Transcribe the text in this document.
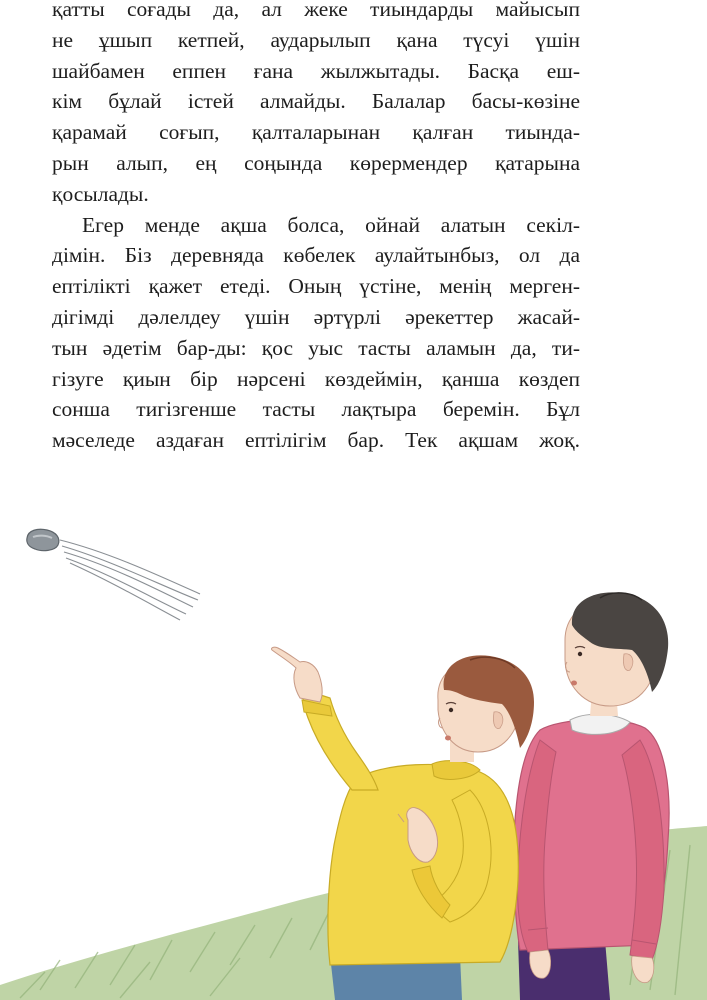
қатты соғады да, ал жеке тиындарды майысып
не ұшып кетпей, аударылып қана түсуі үшін
шайбамен еппен ғана жылжытады. Басқа еш-
кім бұлай істей алмайды. Балалар басы-көзіне
қарамай соғып, қалталарынан қалған тиында-
рын алып, ең соңында көрермендер қатарына
қосылады.
Егер менде ақша болса, ойнай алатын секіл-
дімін. Біз деревняда көбелек аулайтынбыз, ол да
ептілікті қажет етеді. Оның үстіне, менің мерген-
дігімді дәлелдеу үшін әртүрлі әрекеттер жасай-
тын әдетім бар-ды: қос уыс тасты аламын да, ти-
гізуге қиын бір нәрсені көздеймін, қанша көздеп
сонша тигізгенше тасты лақтыра беремін. Бұл
мәселеде аздаған ептілігім бар. Тек ақшам жоқ.
